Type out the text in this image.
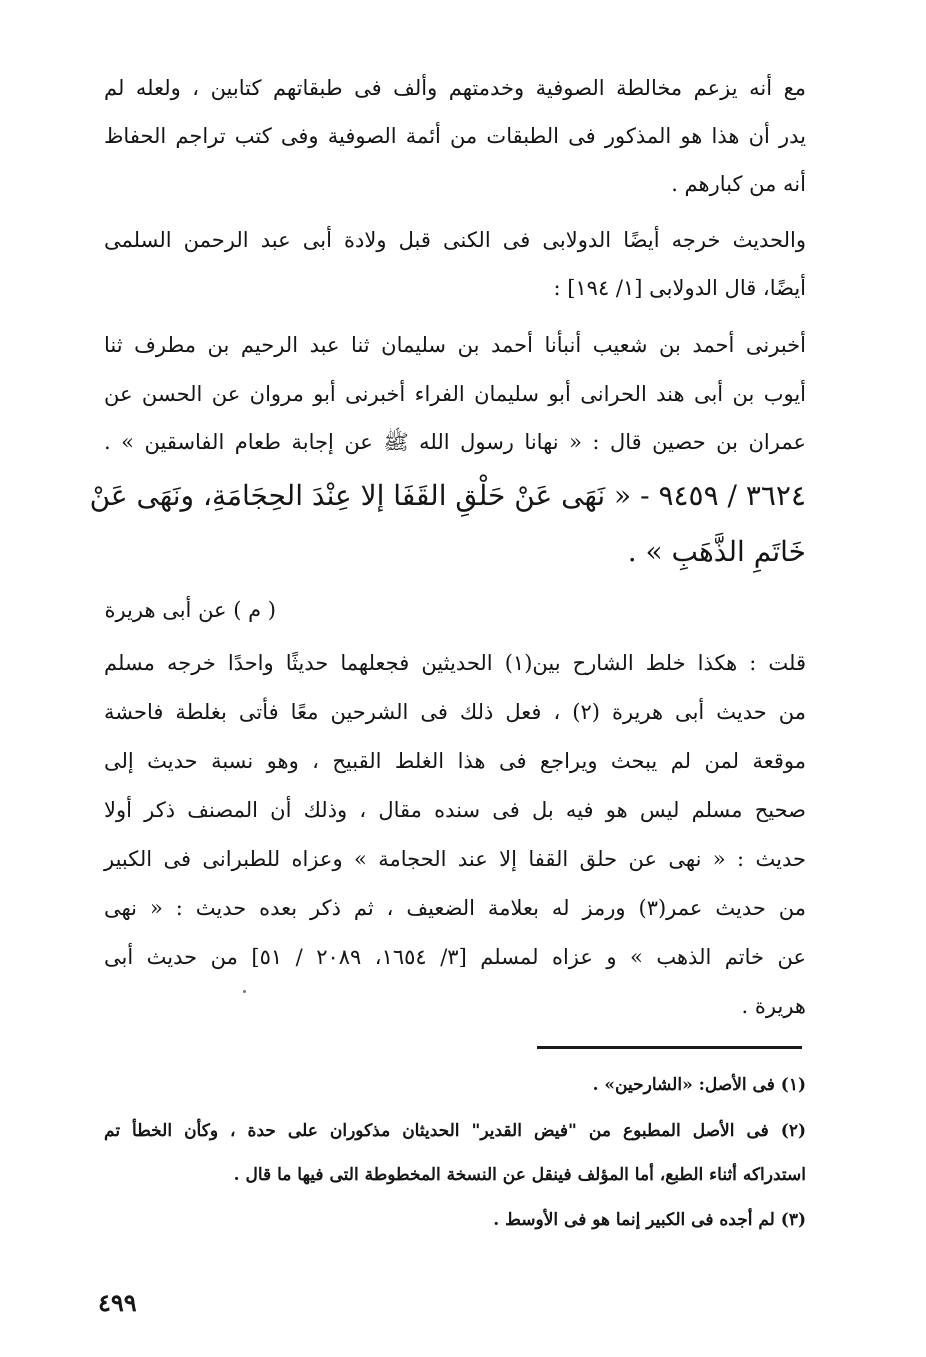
مع أنه يزعم مخالطة الصوفية وخدمتهم وألف فى طبقاتهم كتابين ، ولعله لم
يدر أن هذا هو المذكور فى الطبقات من أئمة الصوفية وفى كتب تراجم الحفاظ
أنه من كبارهم .
والحديث خرجه أيضًا الدولابى فى الكنى قبل ولادة أبى عبد الرحمن السلمى
أيضًا، قال الدولابى [١/ ١٩٤] :
أخبرنى أحمد بن شعيب أنبأنا أحمد بن سليمان ثنا عبد الرحيم بن مطرف ثنا
أيوب بن أبى هند الحرانى أبو سليمان الفراء أخبرنى أبو مروان عن الحسن عن
عمران بن حصين قال : « نهانا رسول الله ﷺ عن إجابة طعام الفاسقين » .
٣٦٢٤ / ٩٤٥٩ - « نَهَى عَنْ حَلْقِ القَفَا إلا عِنْدَ الحِجَامَةِ، ونَهَى عَنْ
خَاتَمِ الذَّهَبِ » .
( م ) عن أبى هريرة
قلت : هكذا خلط الشارح بين(١) الحديثين فجعلهما حديثًا واحدًا خرجه مسلم
من حديث أبى هريرة (٢) ، فعل ذلك فى الشرحين معًا فأتى بغلطة فاحشة
موقعة لمن لم يبحث ويراجع فى هذا الغلط القبيح ، وهو نسبة حديث إلى
صحيح مسلم ليس هو فيه بل فى سنده مقال ، وذلك أن المصنف ذكر أولا
حديث : « نهى عن حلق القفا إلا عند الحجامة » وعزاه للطبرانى فى الكبير
من حديث عمر(٣) ورمز له بعلامة الضعيف ، ثم ذكر بعده حديث : « نهى
عن خاتم الذهب » و عزاه لمسلم [٣/ ١٦٥٤، ٢٠٨٩ / ٥١] من حديث أبى
هريرة .
(١) فى الأصل: «الشارحين» .
(٢) فى الأصل المطبوع من "فيض القدير" الحديثان مذكوران على حدة ، وكأن الخطأ تم
استدراكه أثناء الطبع، أما المؤلف فينقل عن النسخة المخطوطة التى فيها ما قال .
(٣) لم أجده فى الكبير إنما هو فى الأوسط .
٤٩٩
